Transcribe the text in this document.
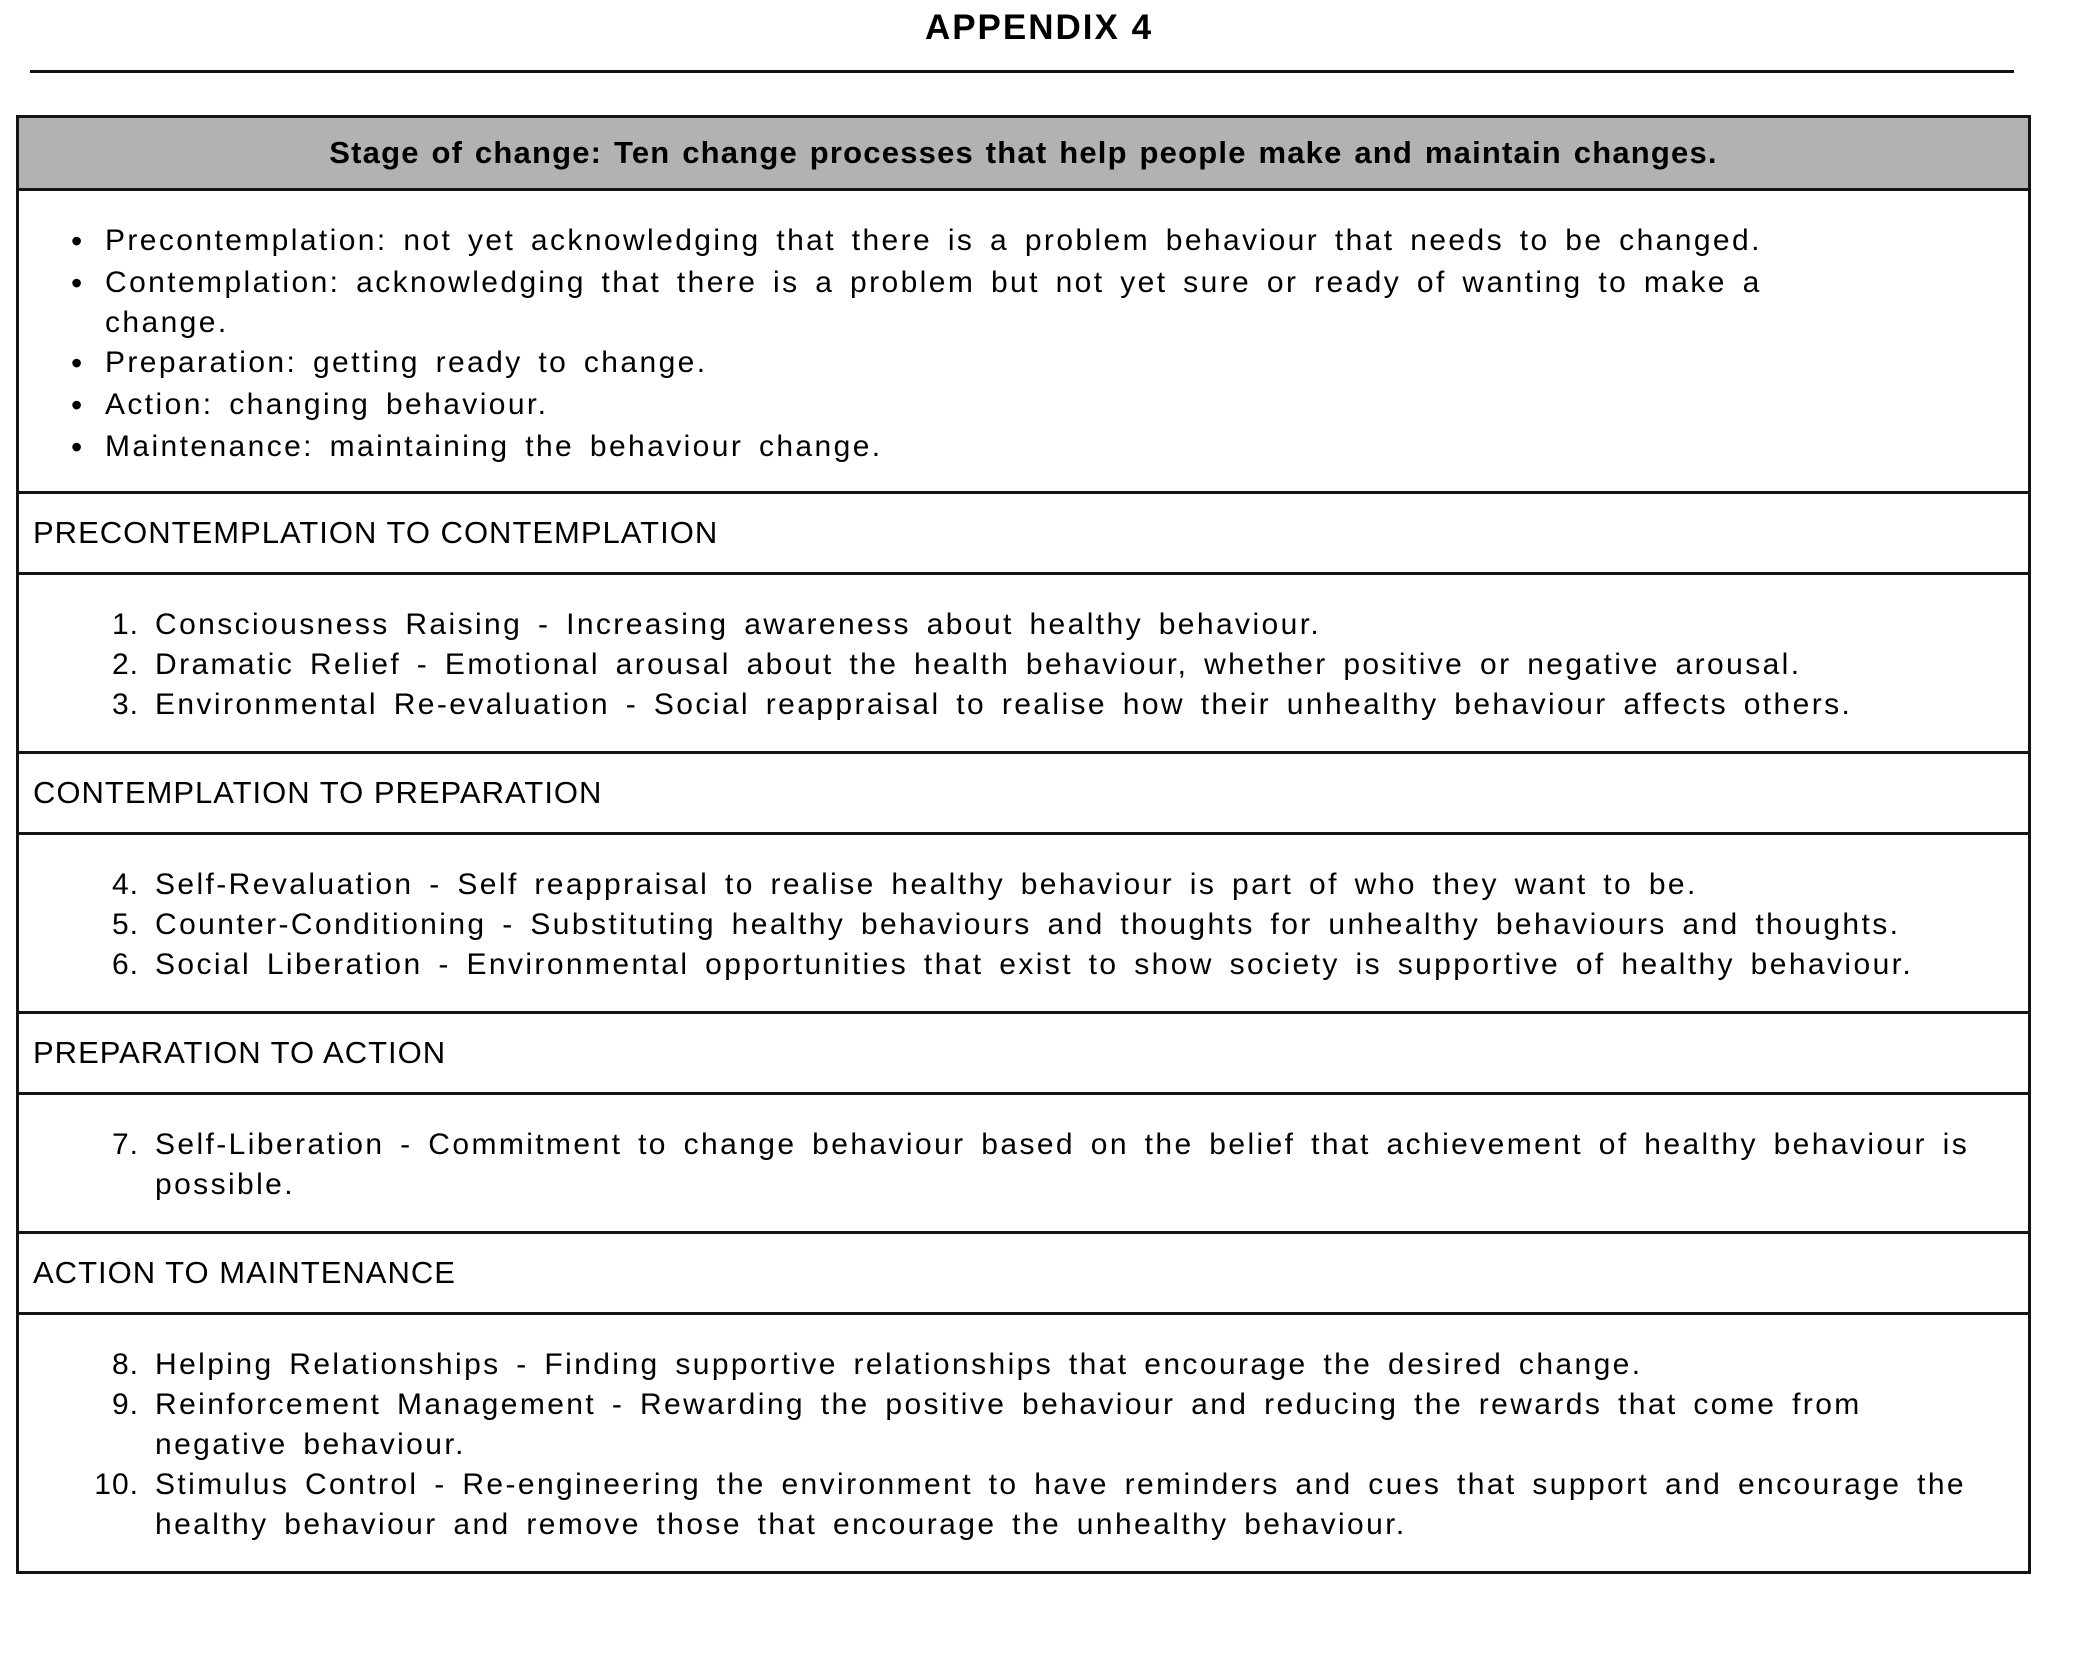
APPENDIX 4
Stage of change: Ten change processes that help people make and maintain changes.

•
Precontemplation: not yet acknowledging that there is a problem behaviour that needs to be changed.
•
Contemplation: acknowledging that there is a problem but not yet sure or ready of wanting to make a change.
•
Preparation: getting ready to change.
•
Action: changing behaviour.
•
Maintenance: maintaining the behaviour change.

PRECONTEMPLATION TO CONTEMPLATION

1. Consciousness Raising - Increasing awareness about healthy behaviour.
2. Dramatic Relief - Emotional arousal about the health behaviour, whether positive or negative arousal.
3. Environmental Re-evaluation - Social reappraisal to realise how their unhealthy behaviour affects others.

CONTEMPLATION TO PREPARATION

4. Self-Revaluation - Self reappraisal to realise healthy behaviour is part of who they want to be.
5. Counter-Conditioning - Substituting healthy behaviours and thoughts for unhealthy behaviours and thoughts.
6. Social Liberation - Environmental opportunities that exist to show society is supportive of healthy behaviour.

PREPARATION TO ACTION

7. Self-Liberation - Commitment to change behaviour based on the belief that achievement of healthy behaviour is possible.

ACTION TO MAINTENANCE

8. Helping Relationships - Finding supportive relationships that encourage the desired change.
9. Reinforcement Management - Rewarding the positive behaviour and reducing the rewards that come from negative behaviour.
10. Stimulus Control - Re-engineering the environment to have reminders and cues that support and encourage the healthy behaviour and remove those that encourage the unhealthy behaviour.
